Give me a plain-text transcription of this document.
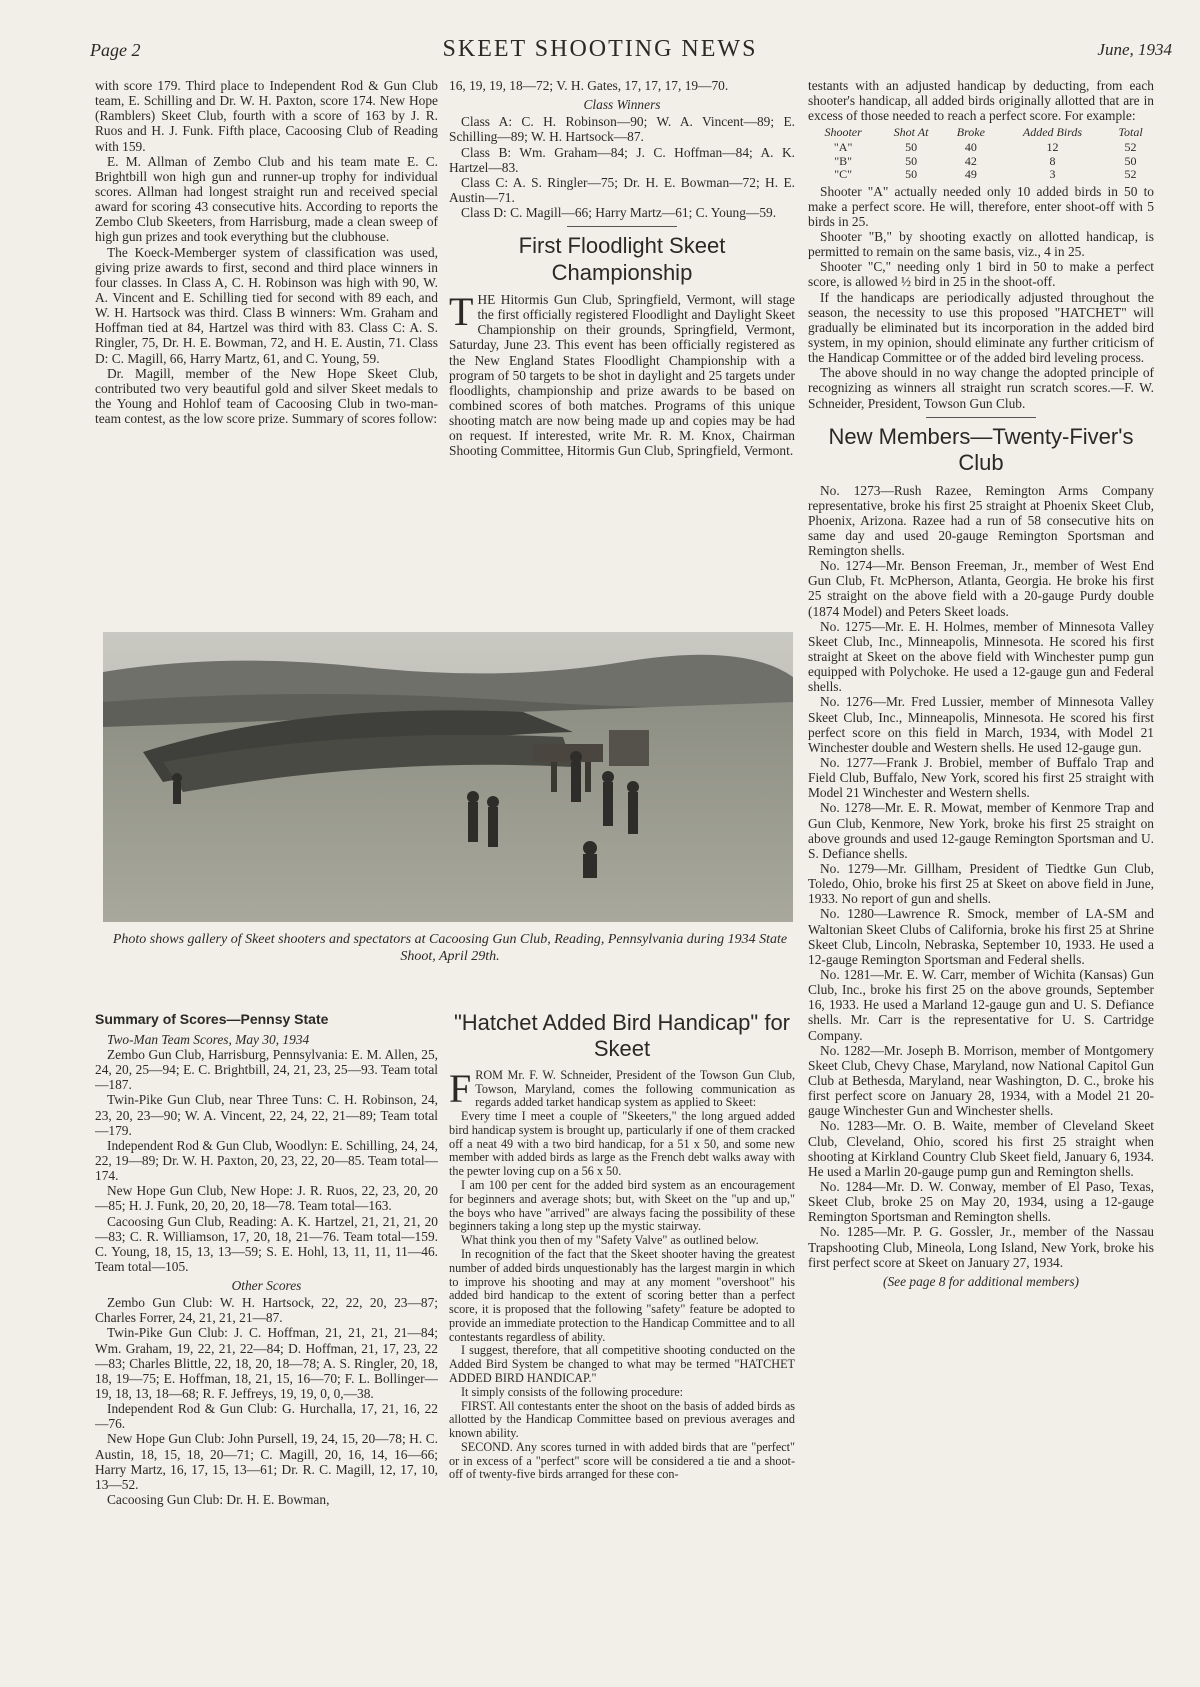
Page 2	SKEET SHOOTING NEWS	June, 1934

with score 179. Third place to Independent Rod & Gun Club team, E. Schilling and Dr. W. H. Paxton, score 174. New Hope (Ramblers) Skeet Club, fourth with a score of 163 by J. R. Ruos and H. J. Funk. Fifth place, Cacoosing Club of Reading with 159.

E. M. Allman of Zembo Club and his team mate E. C. Brightbill won high gun and runner-up trophy for individual scores. Allman had longest straight run and received special award for scoring 43 consecutive hits. According to reports the Zembo Club Skeeters, from Harrisburg, made a clean sweep of high gun prizes and took everything but the clubhouse.

The Koeck-Memberger system of classification was used, giving prize awards to first, second and third place winners in four classes. In Class A, C. H. Robinson was high with 90, W. A. Vincent and E. Schilling tied for second with 89 each, and W. H. Hartsock was third. Class B winners: Wm. Graham and Hoffman tied at 84, Hartzel was third with 83. Class C: A. S. Ringler, 75, Dr. H. E. Bowman, 72, and H. E. Austin, 71. Class D: C. Magill, 66, Harry Martz, 61, and C. Young, 59.

Dr. Magill, member of the New Hope Skeet Club, contributed two very beautiful gold and silver Skeet medals to the Young and Hohlof team of Cacoosing Club in two-man-team contest, as the low score prize. Summary of scores follow:

16, 19, 19, 18—72; V. H. Gates, 17, 17, 17, 19—70.

Class Winners

Class A: C. H. Robinson—90; W. A. Vincent—89; E. Schilling—89; W. H. Hartsock—87.

Class B: Wm. Graham—84; J. C. Hoffman—84; A. K. Hartzel—83.

Class C: A. S. Ringler—75; Dr. H. E. Bowman—72; H. E. Austin—71.

Class D: C. Magill—66; Harry Martz—61; C. Young—59.

First Floodlight Skeet Championship

THE Hitormis Gun Club, Springfield, Vermont, will stage the first officially registered Floodlight and Daylight Skeet Championship on their grounds, Springfield, Vermont, Saturday, June 23. This event has been officially registered as the New England States Floodlight Championship with a program of 50 targets to be shot in daylight and 25 targets under floodlights, championship and prize awards to be based on combined scores of both matches. Programs of this unique shooting match are now being made up and copies may be had on request. If interested, write Mr. R. M. Knox, Chairman Shooting Committee, Hitormis Gun Club, Springfield, Vermont.

testants with an adjusted handicap by deducting, from each shooter's handicap, all added birds originally allotted that are in excess of those needed to reach a perfect score. For example:

Shooter	Shot At	Broke	Added Birds	Total
"A"	50	40	12	52
"B"	50	42	8	50
"C"	50	49	3	52

Shooter "A" actually needed only 10 added birds in 50 to make a perfect score. He will, therefore, enter shoot-off with 5 birds in 25.

Shooter "B," by shooting exactly on allotted handicap, is permitted to remain on the same basis, viz., 4 in 25.

Shooter "C," needing only 1 bird in 50 to make a perfect score, is allowed ½ bird in 25 in the shoot-off.

If the handicaps are periodically adjusted throughout the season, the necessity to use this proposed "HATCHET" will gradually be eliminated but its incorporation in the added bird system, in my opinion, should eliminate any further criticism of the Handicap Committee or of the added bird leveling process.

The above should in no way change the adopted principle of recognizing as winners all straight run scratch scores.—F. W. Schneider, President, Towson Gun Club.

New Members—Twenty-Fiver's Club

No. 1273—Rush Razee, Remington Arms Company representative, broke his first 25 straight at Phoenix Skeet Club, Phoenix, Arizona. Razee had a run of 58 consecutive hits on same day and used 20-gauge Remington Sportsman and Remington shells.

No. 1274—Mr. Benson Freeman, Jr., member of West End Gun Club, Ft. McPherson, Atlanta, Georgia. He broke his first 25 straight on the above field with a 20-gauge Purdy double (1874 Model) and Peters Skeet loads.

No. 1275—Mr. E. H. Holmes, member of Minnesota Valley Skeet Club, Inc., Minneapolis, Minnesota. He scored his first straight at Skeet on the above field with Winchester pump gun equipped with Polychoke. He used a 12-gauge gun and Federal shells.

No. 1276—Mr. Fred Lussier, member of Minnesota Valley Skeet Club, Inc., Minneapolis, Minnesota. He scored his first perfect score on this field in March, 1934, with Model 21 Winchester double and Western shells. He used 12-gauge gun.

No. 1277—Frank J. Brobiel, member of Buffalo Trap and Field Club, Buffalo, New York, scored his first 25 straight with Model 21 Winchester and Western shells.

No. 1278—Mr. E. R. Mowat, member of Kenmore Trap and Gun Club, Kenmore, New York, broke his first 25 straight on above grounds and used 12-gauge Remington Sportsman and U. S. Defiance shells.

No. 1279—Mr. Gillham, President of Tiedtke Gun Club, Toledo, Ohio, broke his first 25 at Skeet on above field in June, 1933. No report of gun and shells.

No. 1280—Lawrence R. Smock, member of LA-SM and Waltonian Skeet Clubs of California, broke his first 25 at Shrine Skeet Club, Lincoln, Nebraska, September 10, 1933. He used a 12-gauge Remington Sportsman and Federal shells.

No. 1281—Mr. E. W. Carr, member of Wichita (Kansas) Gun Club, Inc., broke his first 25 on the above grounds, September 16, 1933. He used a Marland 12-gauge gun and U. S. Defiance shells. Mr. Carr is the representative for U. S. Cartridge Company.

No. 1282—Mr. Joseph B. Morrison, member of Montgomery Skeet Club, Chevy Chase, Maryland, now National Capitol Gun Club at Bethesda, Maryland, near Washington, D. C., broke his first perfect score on January 28, 1934, with a Model 21 20-gauge Winchester Gun and Winchester shells.

No. 1283—Mr. O. B. Waite, member of Cleveland Skeet Club, Cleveland, Ohio, scored his first 25 straight when shooting at Kirkland Country Club Skeet field, January 6, 1934. He used a Marlin 20-gauge pump gun and Remington shells.

No. 1284—Mr. D. W. Conway, member of El Paso, Texas, Skeet Club, broke 25 on May 20, 1934, using a 12-gauge Remington Sportsman and Remington shells.

No. 1285—Mr. P. G. Gossler, Jr., member of the Nassau Trapshooting Club, Mineola, Long Island, New York, broke his first perfect score at Skeet on January 27, 1934.

(See page 8 for additional members)

Photo shows gallery of Skeet shooters and spectators at Cacoosing Gun Club, Reading, Pennsylvania during 1934 State Shoot, April 29th.
Summary of Scores—Pennsy State

Two-Man Team Scores, May 30, 1934

Zembo Gun Club, Harrisburg, Pennsylvania: E. M. Allen, 25, 24, 20, 25—94; E. C. Brightbill, 24, 21, 23, 25—93. Team total—187.

Twin-Pike Gun Club, near Three Tuns: C. H. Robinson, 24, 23, 20, 23—90; W. A. Vincent, 22, 24, 22, 21—89; Team total—179.

Independent Rod & Gun Club, Woodlyn: E. Schilling, 24, 24, 22, 19—89; Dr. W. H. Paxton, 20, 23, 22, 20—85. Team total—174.

New Hope Gun Club, New Hope: J. R. Ruos, 22, 23, 20, 20—85; H. J. Funk, 20, 20, 20, 18—78. Team total—163.

Cacoosing Gun Club, Reading: A. K. Hartzel, 21, 21, 21, 20—83; C. R. Williamson, 17, 20, 18, 21—76. Team total—159. C. Young, 18, 15, 13, 13—59; S. E. Hohl, 13, 11, 11, 11—46. Team total—105.

Other Scores

Zembo Gun Club: W. H. Hartsock, 22, 22, 20, 23—87; Charles Forrer, 24, 21, 21, 21—87.

Twin-Pike Gun Club: J. C. Hoffman, 21, 21, 21, 21—84; Wm. Graham, 19, 22, 21, 22—84; D. Hoffman, 21, 17, 23, 22—83; Charles Blittle, 22, 18, 20, 18—78; A. S. Ringler, 20, 18, 18, 19—75; E. Hoffman, 18, 21, 15, 16—70; F. L. Bollinger—19, 18, 13, 18—68; R. F. Jeffreys, 19, 19, 0, 0,—38.

Independent Rod & Gun Club: G. Hurchalla, 17, 21, 16, 22—76.

New Hope Gun Club: John Pursell, 19, 24, 15, 20—78; H. C. Austin, 18, 15, 18, 20—71; C. Magill, 20, 16, 14, 16—66; Harry Martz, 16, 17, 15, 13—61; Dr. R. C. Magill, 12, 17, 10, 13—52.

Cacoosing Gun Club: Dr. H. E. Bowman,

"Hatchet Added Bird Handicap" for Skeet

FROM Mr. F. W. Schneider, President of the Towson Gun Club, Towson, Maryland, comes the following communication as regards added tarket handicap system as applied to Skeet:

Every time I meet a couple of "Skeeters," the long argued added bird handicap system is brought up, particularly if one of them cracked off a neat 49 with a two bird handicap, for a 51 x 50, and some new member with added birds as large as the French debt walks away with the pewter loving cup on a 56 x 50.

I am 100 per cent for the added bird system as an encouragement for beginners and average shots; but, with Skeet on the "up and up," the boys who have "arrived" are always facing the possibility of these beginners taking a long step up the mystic stairway.

What think you then of my "Safety Valve" as outlined below.

In recognition of the fact that the Skeet shooter having the greatest number of added birds unquestionably has the largest margin in which to improve his shooting and may at any moment "overshoot" his added bird handicap to the extent of scoring better than a perfect score, it is proposed that the following "safety" feature be adopted to provide an immediate protection to the Handicap Committee and to all contestants regardless of ability.

I suggest, therefore, that all competitive shooting conducted on the Added Bird System be changed to what may be termed "HATCHET ADDED BIRD HANDICAP."

It simply consists of the following procedure:

FIRST. All contestants enter the shoot on the basis of added birds as allotted by the Handicap Committee based on previous averages and known ability.

SECOND. Any scores turned in with added birds that are "perfect" or in excess of a "perfect" score will be considered a tie and a shoot-off of twenty-five birds arranged for these con-
